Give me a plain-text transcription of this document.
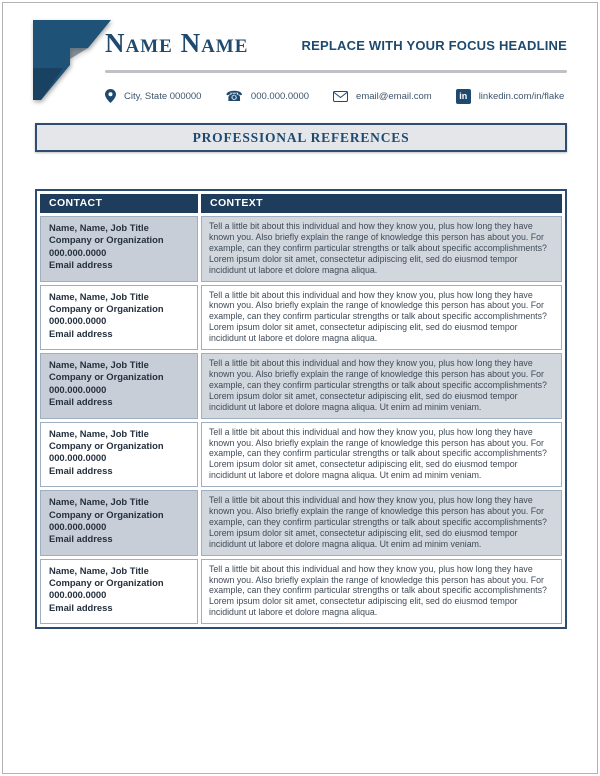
Name Name	REPLACE WITH YOUR FOCUS HEADLINE
City, State 000000 ☎ 000.000.0000	email@email.com	in	linkedin.com/in/flake
PROFESSIONAL REFERENCES
CONTACT	CONTEXT

Name, Name, Job Title
Company or Organization
000.000.0000
Email address
	Tell a little bit about this individual and how they know you, plus how long they have known you. Also briefly explain the range of knowledge this person has about you. For example, can they confirm particular strengths or talk about specific accomplishments? Lorem ipsum dolor sit amet, consectetur adipiscing elit, sed do eiusmod tempor incididunt ut labore et dolore magna aliqua.

Name, Name, Job Title
Company or Organization
000.000.0000
Email address
	Tell a little bit about this individual and how they know you, plus how long they have known you. Also briefly explain the range of knowledge this person has about you. For example, can they confirm particular strengths or talk about specific accomplishments? Lorem ipsum dolor sit amet, consectetur adipiscing elit, sed do eiusmod tempor incididunt ut labore et dolore magna aliqua.

Name, Name, Job Title
Company or Organization
000.000.0000
Email address
	Tell a little bit about this individual and how they know you, plus how long they have known you. Also briefly explain the range of knowledge this person has about you. For example, can they confirm particular strengths or talk about specific accomplishments? Lorem ipsum dolor sit amet, consectetur adipiscing elit, sed do eiusmod tempor incididunt ut labore et dolore magna aliqua. Ut enim ad minim veniam.

Name, Name, Job Title
Company or Organization
000.000.0000
Email address
	Tell a little bit about this individual and how they know you, plus how long they have known you. Also briefly explain the range of knowledge this person has about you. For example, can they confirm particular strengths or talk about specific accomplishments? Lorem ipsum dolor sit amet, consectetur adipiscing elit, sed do eiusmod tempor incididunt ut labore et dolore magna aliqua. Ut enim ad minim veniam.

Name, Name, Job Title
Company or Organization
000.000.0000
Email address
	Tell a little bit about this individual and how they know you, plus how long they have known you. Also briefly explain the range of knowledge this person has about you. For example, can they confirm particular strengths or talk about specific accomplishments? Lorem ipsum dolor sit amet, consectetur adipiscing elit, sed do eiusmod tempor incididunt ut labore et dolore magna aliqua. Ut enim ad minim veniam.

Name, Name, Job Title
Company or Organization
000.000.0000
Email address
	Tell a little bit about this individual and how they know you, plus how long they have known you. Also briefly explain the range of knowledge this person has about you. For example, can they confirm particular strengths or talk about specific accomplishments? Lorem ipsum dolor sit amet, consectetur adipiscing elit, sed do eiusmod tempor incididunt ut labore et dolore magna aliqua.
